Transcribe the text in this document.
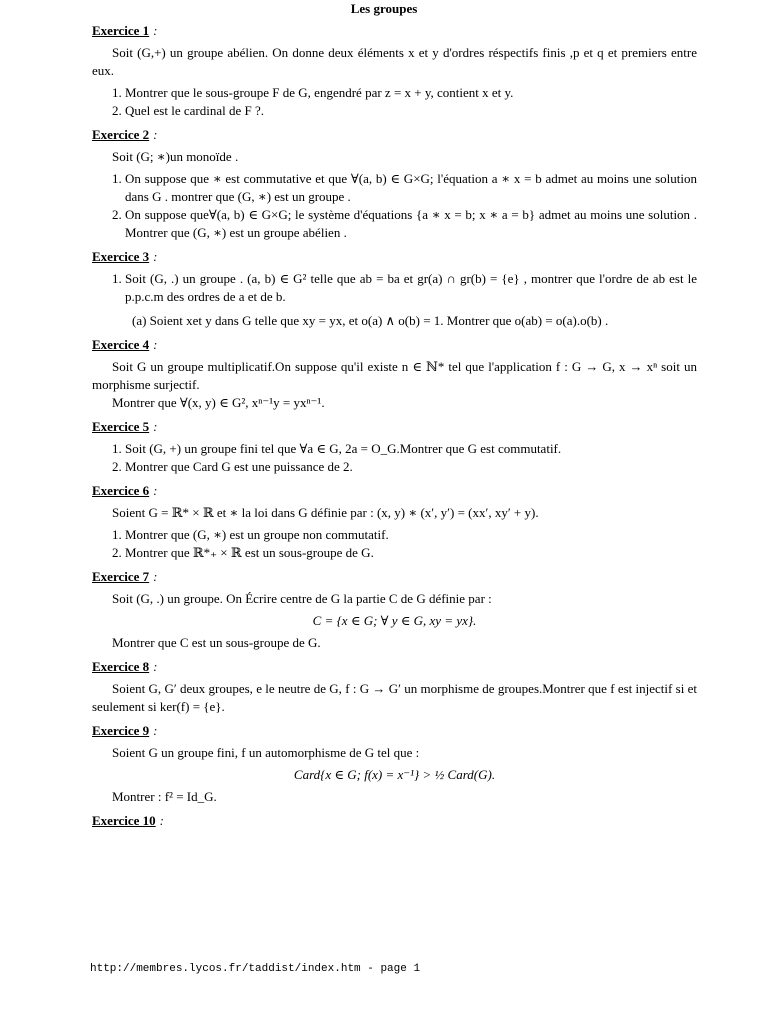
Les groupes

Exercice 1 :

Soit (G,+) un groupe abélien. On donne deux éléments x et y d'ordres réspectifs finis ,p et q et premiers entre eux.

1. Montrer que le sous-groupe F de G, engendré par z = x + y, contient x et y.
2. Quel est le cardinal de F ?.

Exercice 2 :

Soit (G; ∗)un monoïde .

1. On suppose que ∗ est commutative et que ∀(a, b) ∈ G×G; l'équation a ∗ x = b admet au moins une solution dans G . montrer que (G, ∗) est un groupe .
2. On suppose que∀(a, b) ∈ G×G; le système d'équations {a ∗ x = b; x ∗ a = b} admet au moins une solution . Montrer que (G, ∗) est un groupe abélien .

Exercice 3 :

1. Soit (G, .) un groupe . (a, b) ∈ G² telle que ab = ba et gr(a) ∩ gr(b) = {e} , montrer que l'ordre de ab est le p.p.c.m des ordres de a et de b.

(a) Soient xet y dans G telle que xy = yx, et o(a) ∧ o(b) = 1. Montrer que o(ab) = o(a).o(b) .

Exercice 4 :

Soit G un groupe multiplicatif.On suppose qu'il existe n ∈ ℕ* tel que l'application f : G → G, x → xⁿ soit un morphisme surjectif.

Montrer que ∀(x, y) ∈ G², xⁿ⁻¹y = yxⁿ⁻¹.

Exercice 5 :

1. Soit (G, +) un groupe fini tel que ∀a ∈ G, 2a = O_G.Montrer que G est commutatif.
2. Montrer que Card G est une puissance de 2.

Exercice 6 :

Soient G = ℝ* × ℝ et ∗ la loi dans G définie par : (x, y) ∗ (x′, y′) = (xx′, xy′ + y).

1. Montrer que (G, ∗) est un groupe non commutatif.
2. Montrer que ℝ*₊ × ℝ est un sous-groupe de G.

Exercice 7 :

Soit (G, .) un groupe. On Écrire centre de G la partie C de G définie par :

C = {x ∈ G; ∀ y ∈ G, xy = yx}.

Montrer que C est un sous-groupe de G.

Exercice 8 :

Soient G, G′ deux groupes, e le neutre de G, f : G → G′ un morphisme de groupes.Montrer que f est injectif si et seulement si ker(f) = {e}.

Exercice 9 :

Soient G un groupe fini, f un automorphisme de G tel que :

Card{x ∈ G; f(x) = x⁻¹} > ½ Card(G).

Montrer : f² = Id_G.

Exercice 10 :

http://membres.lycos.fr/taddist/index.htm - page 1
